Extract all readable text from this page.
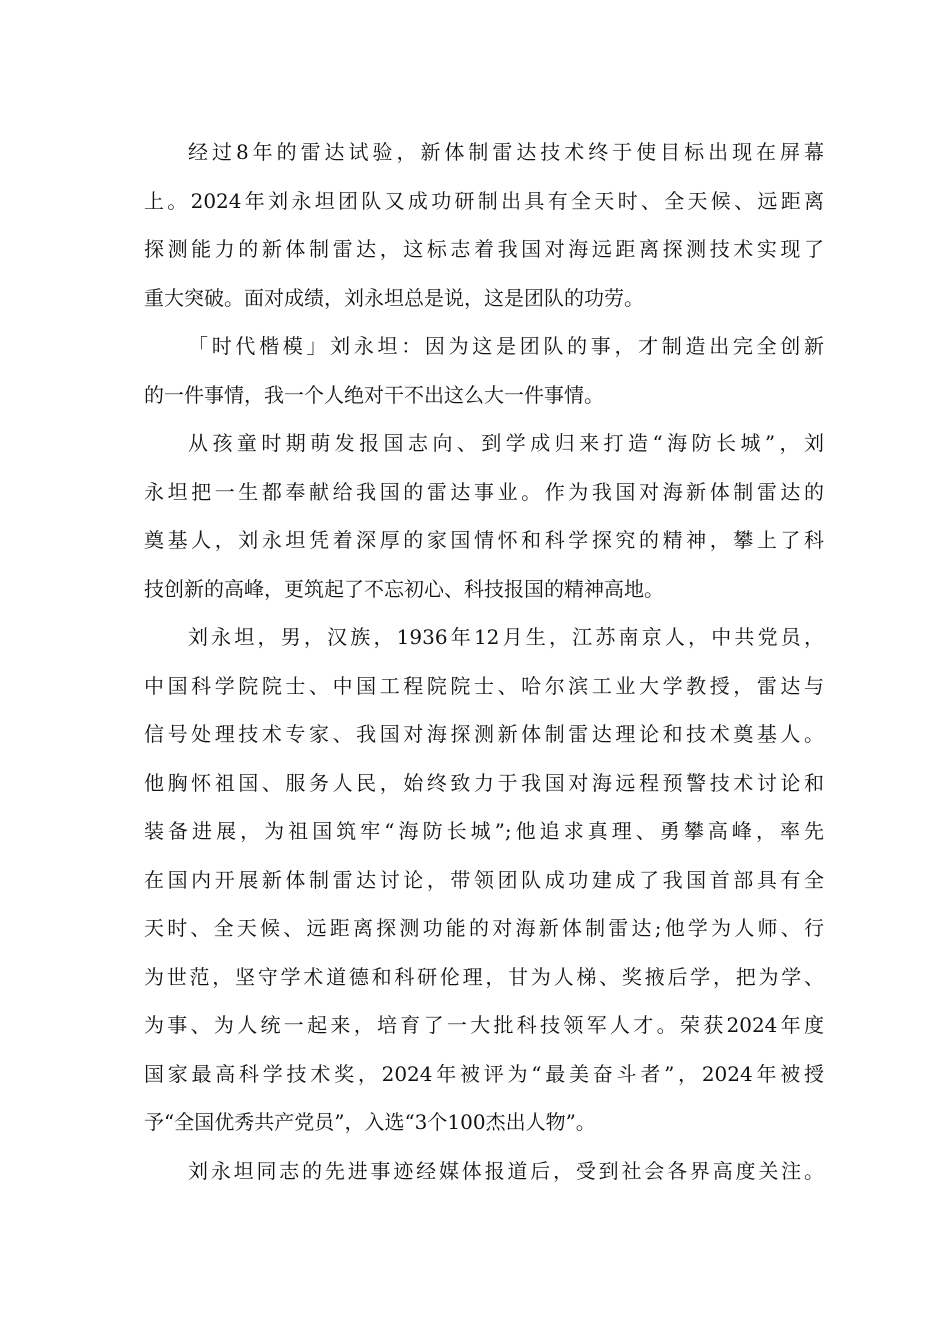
经过8年的雷达试验，新体制雷达技术终于使目标出现在屏幕
上。2024年刘永坦团队又成功研制出具有全天时、全天候、远距离
探测能力的新体制雷达，这标志着我国对海远距离探测技术实现了
重大突破。面对成绩，刘永坦总是说，这是团队的功劳。
「时代楷模」刘永坦：因为这是团队的事，才制造出完全创新
的一件事情，我一个人绝对干不出这么大一件事情。
从孩童时期萌发报国志向、到学成归来打造“海防长城”，刘
永坦把一生都奉献给我国的雷达事业。作为我国对海新体制雷达的
奠基人，刘永坦凭着深厚的家国情怀和科学探究的精神，攀上了科
技创新的高峰，更筑起了不忘初心、科技报国的精神高地。
刘永坦，男，汉族，1936年12月生，江苏南京人，中共党员，
中国科学院院士、中国工程院院士、哈尔滨工业大学教授，雷达与
信号处理技术专家、我国对海探测新体制雷达理论和技术奠基人。
他胸怀祖国、服务人民，始终致力于我国对海远程预警技术讨论和
装备进展，为祖国筑牢“海防长城”;他追求真理、勇攀高峰，率先
在国内开展新体制雷达讨论，带领团队成功建成了我国首部具有全
天时、全天候、远距离探测功能的对海新体制雷达;他学为人师、行
为世范，坚守学术道德和科研伦理，甘为人梯、奖掖后学，把为学、
为事、为人统一起来，培育了一大批科技领军人才。荣获2024年度
国家最高科学技术奖，2024年被评为“最美奋斗者”，2024年被授
予“全国优秀共产党员”，入选“3个100杰出人物”。
刘永坦同志的先进事迹经媒体报道后，受到社会各界高度关注。
